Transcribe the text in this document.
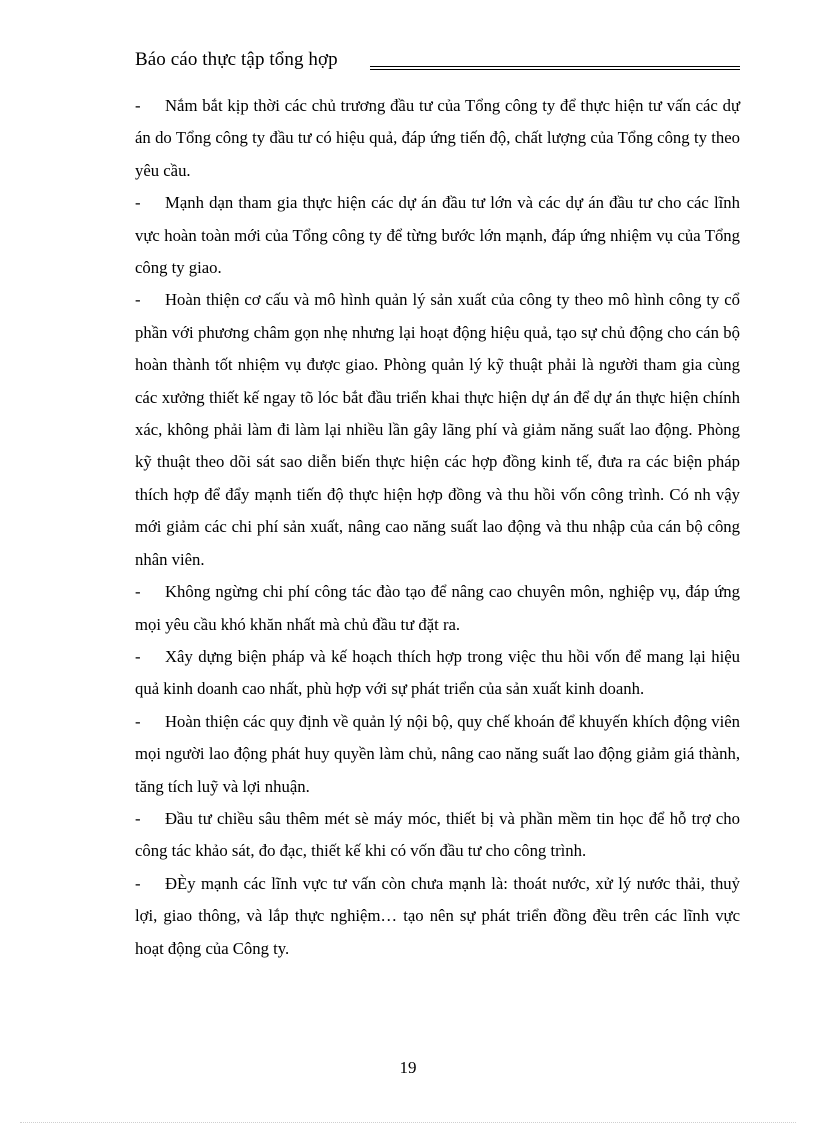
Báo cáo thực tập tổng hợp

- Nắm bắt kịp thời các chủ trương đầu tư của Tổng công ty để thực hiện tư vấn các dự án do Tổng công ty đầu tư có hiệu quả, đáp ứng tiến độ, chất lượng của Tổng công ty theo yêu cầu.

- Mạnh dạn tham gia thực hiện các dự án đầu tư lớn và các dự án đầu tư cho các lĩnh vực hoàn toàn mới của Tổng công ty để từng bước lớn mạnh, đáp ứng nhiệm vụ của Tổng công ty giao.

- Hoàn thiện cơ cấu và mô hình quản lý sản xuất của công ty theo mô hình công ty cổ phần với phương châm gọn nhẹ nhưng lại hoạt động hiệu quả, tạo sự chủ động cho cán bộ hoàn thành tốt nhiệm vụ được giao. Phòng quản lý kỹ thuật phải là người tham gia cùng các xưởng thiết kế ngay tõ lóc bắt đầu triển khai thực hiện dự án để dự án thực hiện chính xác, không phải làm đi làm lại nhiều lần gây lãng phí và giảm năng suất lao động. Phòng kỹ thuật theo dõi sát sao diễn biến thực hiện các hợp đồng kinh tế, đưa ra các biện pháp thích hợp để đẩy mạnh tiến độ thực hiện hợp đồng và thu hồi vốn công trình. Có nh vậy mới giảm các chi phí sản xuất, nâng cao năng suất lao động và thu nhập của cán bộ công nhân viên.

- Không ngừng chi phí công tác đào tạo để nâng cao chuyên môn, nghiệp vụ, đáp ứng mọi yêu cầu khó khăn nhất mà chủ đầu tư đặt ra.

- Xây dựng biện pháp và kế hoạch thích hợp trong việc thu hồi vốn để mang lại hiệu quả kinh doanh cao nhất, phù hợp với sự phát triển của sản xuất kinh doanh.

- Hoàn thiện các quy định về quản lý nội bộ, quy chế khoán để khuyến khích động viên mọi người lao động phát huy quyền làm chủ, nâng cao năng suất lao động giảm giá thành, tăng tích luỹ và lợi nhuận.

- Đầu tư chiều sâu thêm mét sè máy móc, thiết bị và phần mềm tin học để hỗ trợ cho công tác khảo sát, đo đạc, thiết kế khi có vốn đầu tư cho công trình.

- ĐÈy mạnh các lĩnh vực tư vấn còn chưa mạnh là: thoát nước, xử lý nước thải, thuỷ lợi, giao thông, và lắp thực nghiệm… tạo nên sự phát triển đồng đều trên các lĩnh vực hoạt động của Công ty.

19
